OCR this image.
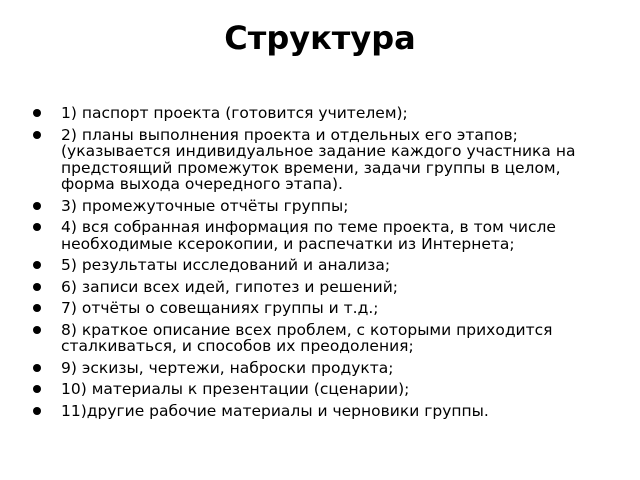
Структура
1) паспорт проекта (готовится учителем);
2) планы выполнения проекта и отдельных его этапов; (указывается индивидуальное задание каждого участника на предстоящий промежуток времени, задачи группы в целом, форма выхода очередного этапа).
3) промежуточные отчёты группы;
4) вся собранная информация по теме проекта, в том числе необходимые ксерокопии, и распечатки из Интернета;
5) результаты исследований и анализа;
6) записи всех идей, гипотез и решений;
7) отчёты о совещаниях группы и т.д.;
8) краткое описание всех проблем, с которыми приходится сталкиваться, и способов их преодоления;
9) эскизы, чертежи, наброски продукта;
10) материалы к презентации (сценарии);
11)другие рабочие материалы и черновики группы.
